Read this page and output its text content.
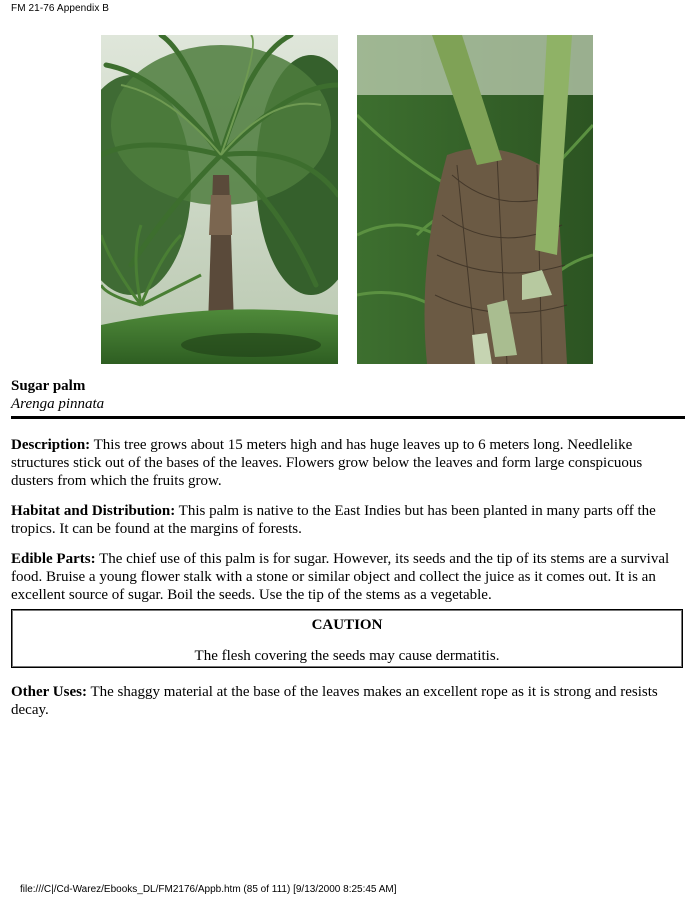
FM 21-76 Appendix B
Sugar palm
Arenga pinnata
Description: This tree grows about 15 meters high and has huge leaves up to 6 meters long. Needlelike structures stick out of the bases of the leaves. Flowers grow below the leaves and form large conspicuous dusters from which the fruits grow.
Habitat and Distribution: This palm is native to the East Indies but has been planted in many parts off the tropics. It can be found at the margins of forests.
Edible Parts: The chief use of this palm is for sugar. However, its seeds and the tip of its stems are a survival food. Bruise a young flower stalk with a stone or similar object and collect the juice as it comes out. It is an excellent source of sugar. Boil the seeds. Use the tip of the stems as a vegetable.
CAUTION
The flesh covering the seeds may cause dermatitis.
Other Uses: The shaggy material at the base of the leaves makes an excellent rope as it is strong and resists decay.
file:///C|/Cd-Warez/Ebooks_DL/FM2176/Appb.htm (85 of 111) [9/13/2000 8:25:45 AM]
